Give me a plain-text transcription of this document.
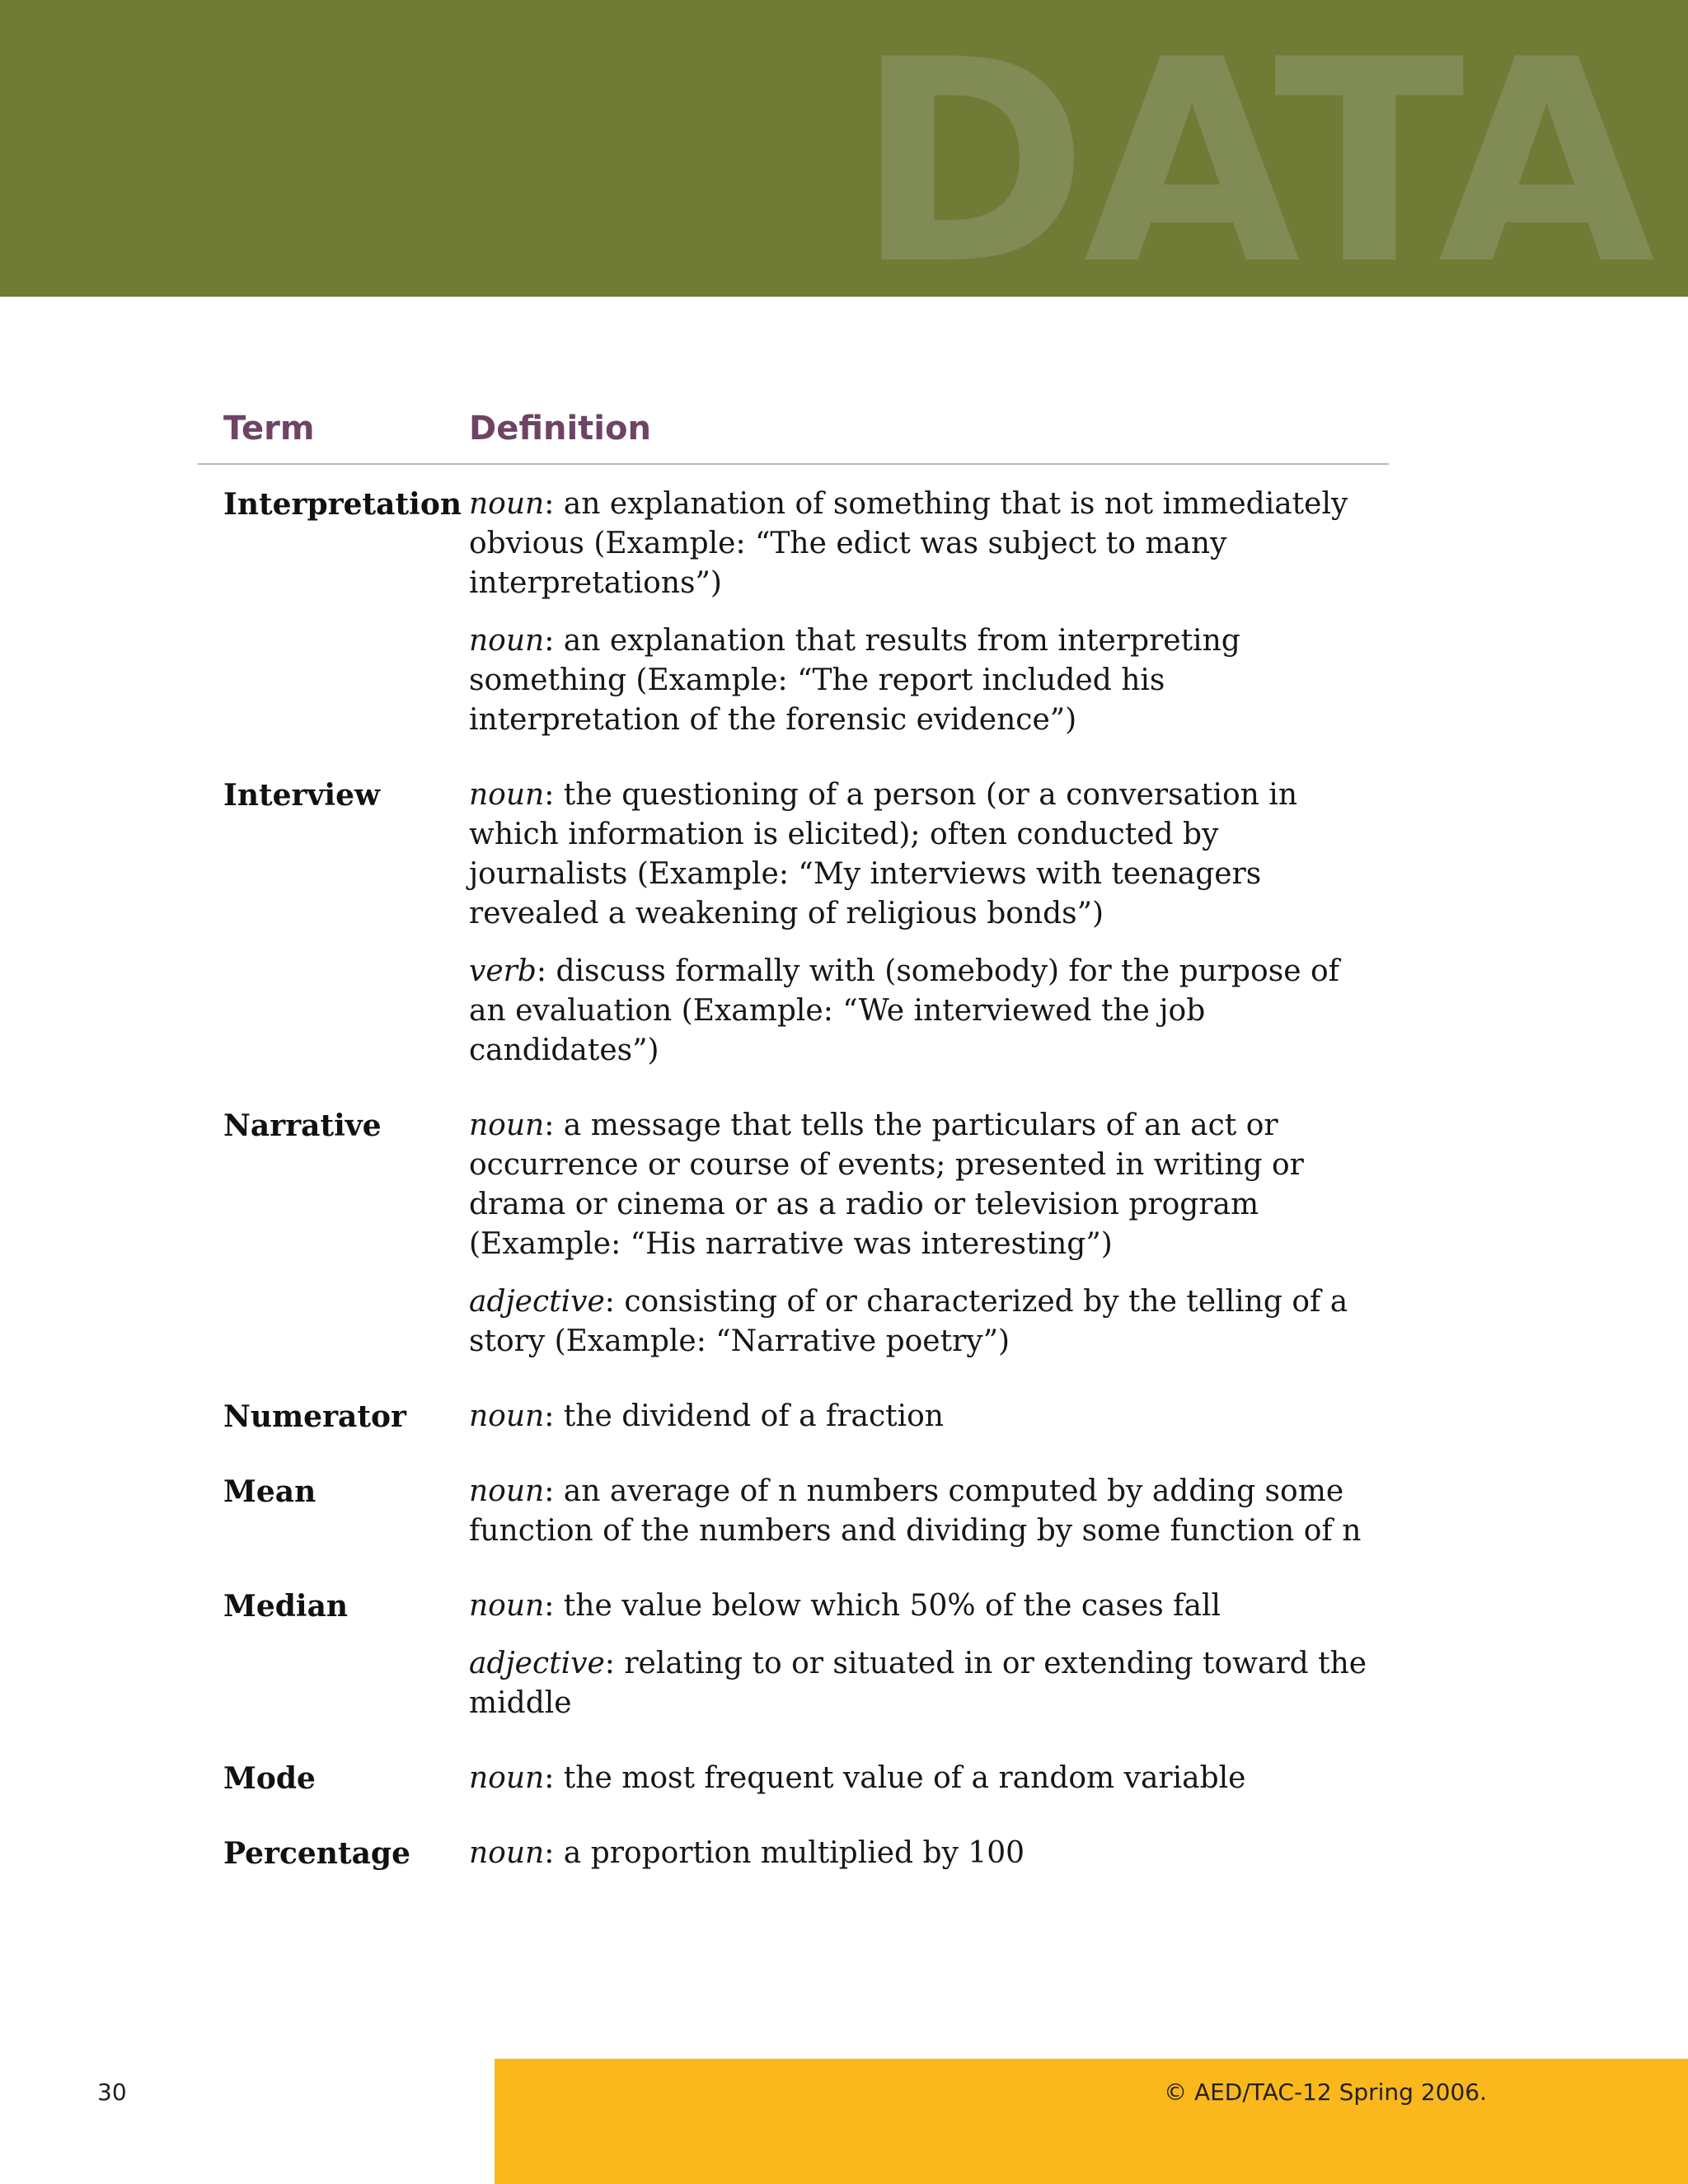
DATA
Term	Definition
Interpretation noun: an explanation of something that is not immediately obvious (Example: “The edict was subject to many interpretations”)
noun: an explanation that results from interpreting something (Example: “The report included his interpretation of the forensic evidence”)
Interview	noun: the questioning of a person (or a conversation in which information is elicited); often conducted by journalists (Example: “My interviews with teenagers revealed a weakening of religious bonds”)
verb: discuss formally with (somebody) for the purpose of an evaluation (Example: “We interviewed the job candidates”)
Narrative	noun: a message that tells the particulars of an act or occurrence or course of events; presented in writing or drama or cinema or as a radio or television program (Example: “His narrative was interesting”)
adjective: consisting of or characterized by the telling of a story (Example: “Narrative poetry”)
Numerator	noun: the dividend of a fraction
Mean	noun: an average of n numbers computed by adding some function of the numbers and dividing by some function of n
Median	noun: the value below which 50% of the cases fall
adjective: relating to or situated in or extending toward the middle
Mode	noun: the most frequent value of a random variable
Percentage	noun: a proportion multiplied by 100
30	© AED/TAC-12 Spring 2006.
